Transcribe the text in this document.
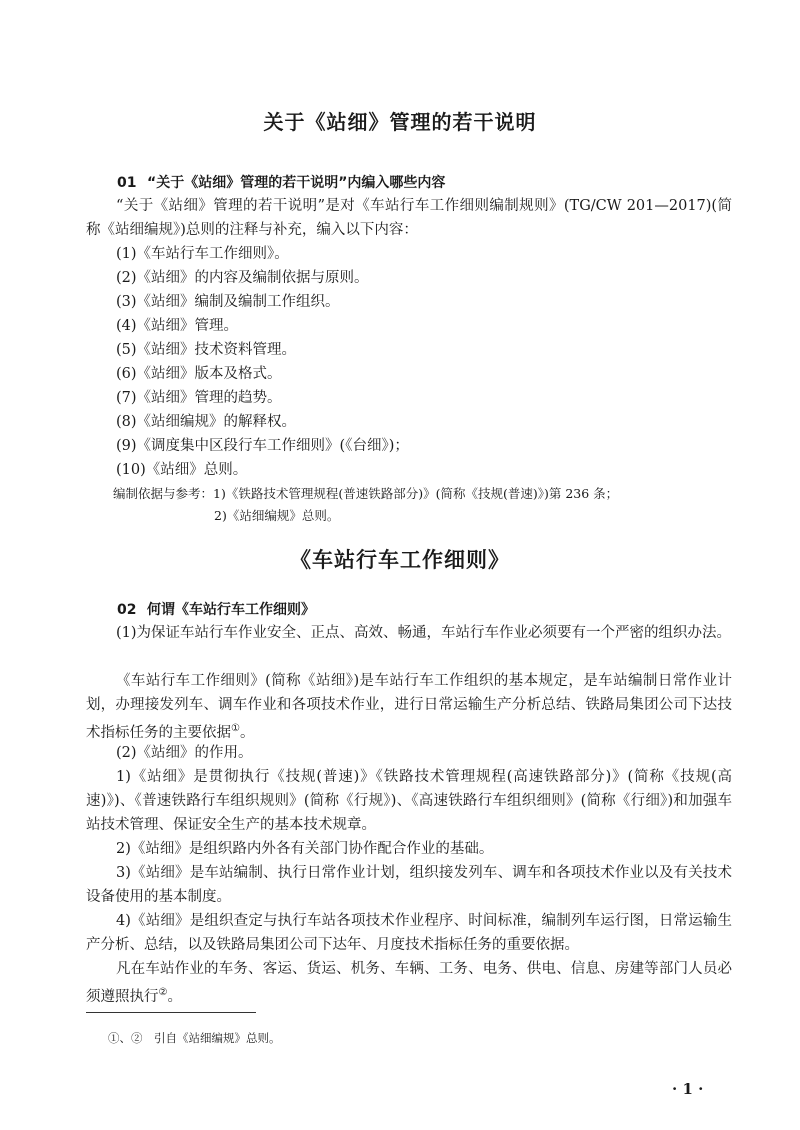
关于《站细》管理的若干说明
01 “关于《站细》管理的若干说明”内编入哪些内容

“关于《站细》管理的若干说明”是对《车站行车工作细则编制规则》(TG/CW 201—2017)(简称《站细编规》)总则的注释与补充，编入以下内容：

(1)《车站行车工作细则》。
(2)《站细》的内容及编制依据与原则。
(3)《站细》编制及编制工作组织。
(4)《站细》管理。
(5)《站细》技术资料管理。
(6)《站细》版本及格式。
(7)《站细》管理的趋势。
(8)《站细编规》的解释权。
(9)《调度集中区段行车工作细则》(《台细》)；
(10)《站细》总则。
编制依据与参考：1)《铁路技术管理规程(普速铁路部分)》(简称《技规(普速)》)第 236 条；
2)《站细编规》总则。
《车站行车工作细则》
02 何谓《车站行车工作细则》

(1)为保证车站行车作业安全、正点、高效、畅通，车站行车作业必须要有一个严密的组织办法。

《车站行车工作细则》(简称《站细》)是车站行车工作组织的基本规定，是车站编制日常作业计划，办理接发列车、调车作业和各项技术作业，进行日常运输生产分析总结、铁路局集团公司下达技术指标任务的主要依据①。

(2)《站细》的作用。

1)《站细》是贯彻执行《技规(普速)》《铁路技术管理规程(高速铁路部分)》(简称《技规(高速)》)、《普速铁路行车组织规则》(简称《行规》)、《高速铁路行车组织细则》(简称《行细》)和加强车站技术管理、保证安全生产的基本技术规章。

2)《站细》是组织路内外各有关部门协作配合作业的基础。

3)《站细》是车站编制、执行日常作业计划，组织接发列车、调车和各项技术作业以及有关技术设备使用的基本制度。

4)《站细》是组织查定与执行车站各项技术作业程序、时间标准，编制列车运行图，日常运输生产分析、总结，以及铁路局集团公司下达年、月度技术指标任务的重要依据。

凡在车站作业的车务、客运、货运、机务、车辆、工务、电务、供电、信息、房建等部门人员必须遵照执行②。

①、②　引自《站细编规》总则。
· 1 ·
